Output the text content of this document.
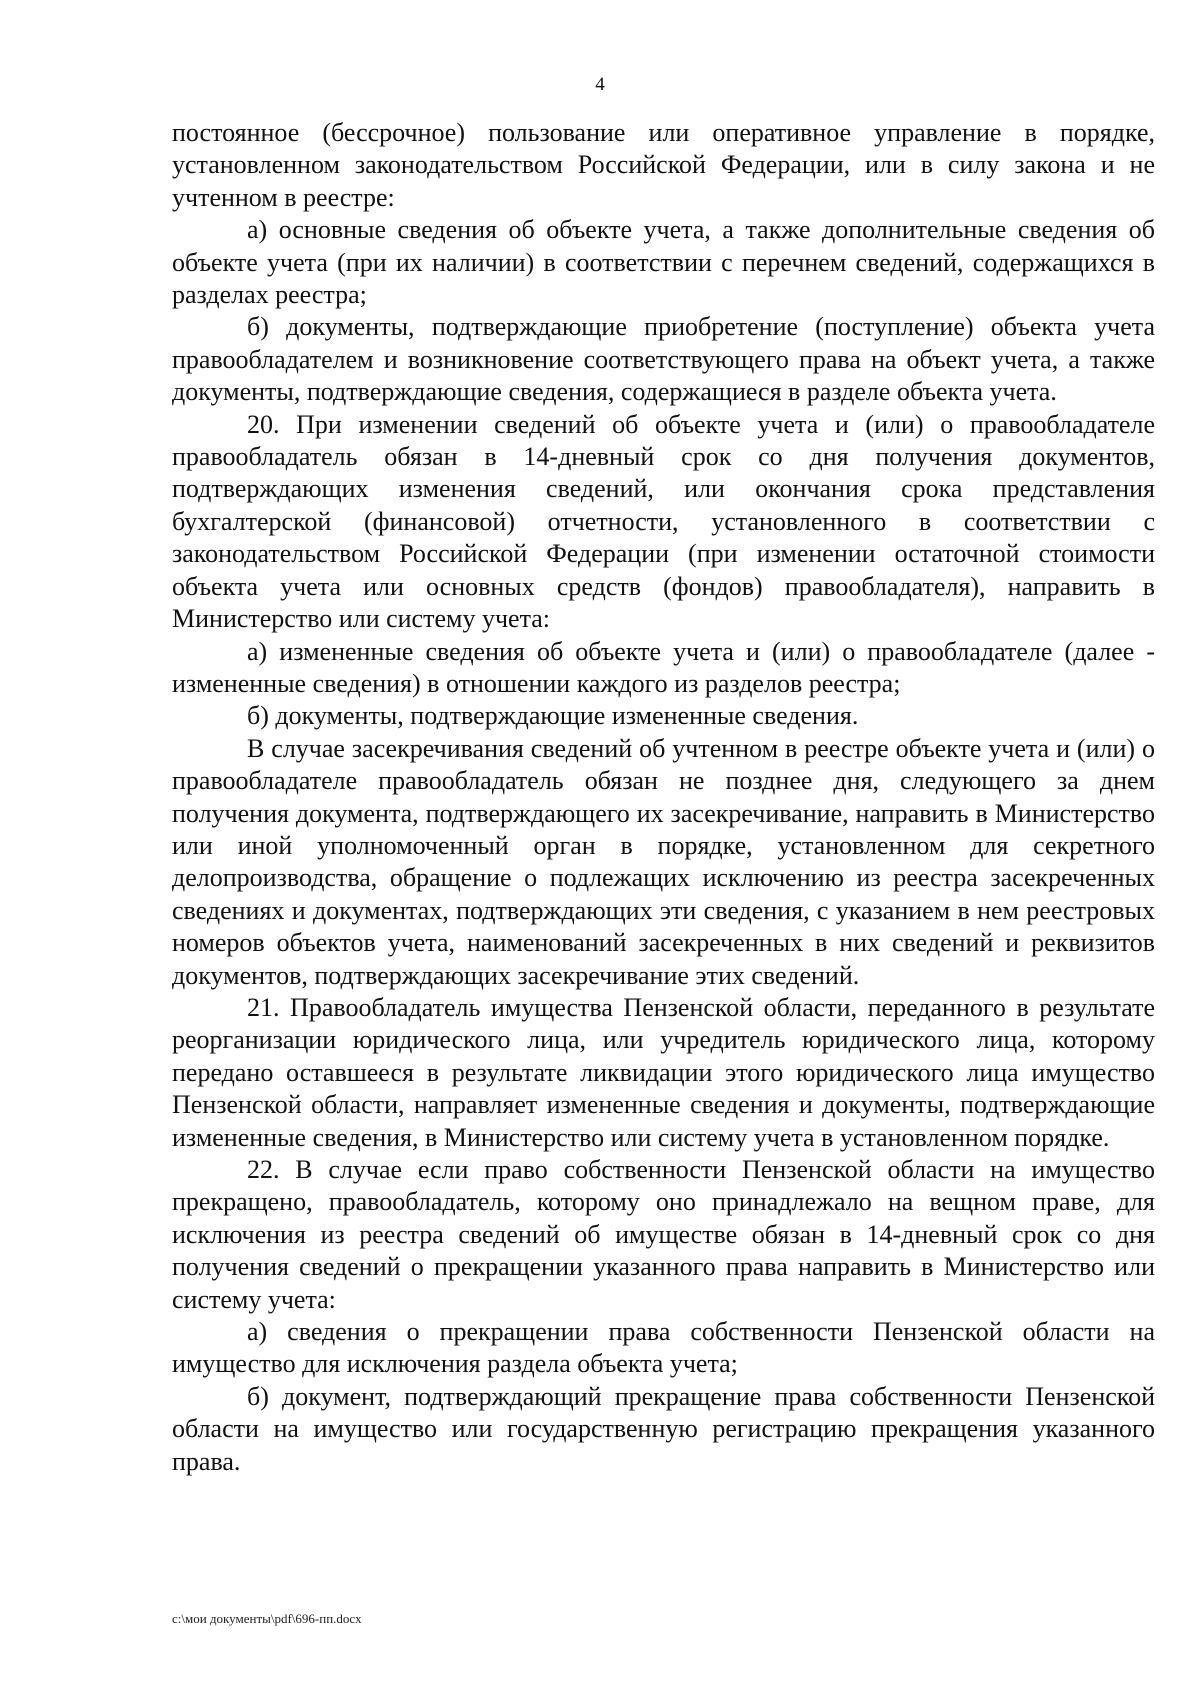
4

постоянное (бессрочное) пользование или оперативное управление в порядке, установленном законодательством Российской Федерации, или в силу закона и не учтенном в реестре:

а) основные сведения об объекте учета, а также дополнительные сведения об объекте учета (при их наличии) в соответствии с перечнем сведений, содержащихся в разделах реестра;

б) документы, подтверждающие приобретение (поступление) объекта учета правообладателем и возникновение соответствующего права на объект учета, а также документы, подтверждающие сведения, содержащиеся в разделе объекта учета.

20. При изменении сведений об объекте учета и (или) о правообладателе правообладатель обязан в 14-дневный срок со дня получения документов, подтверждающих изменения сведений, или окончания срока представления бухгалтерской (финансовой) отчетности, установленного в соответствии с законодательством Российской Федерации (при изменении остаточной стоимости объекта учета или основных средств (фондов) правообладателя), направить в Министерство или систему учета:

а) измененные сведения об объекте учета и (или) о правообладателе (далее - измененные сведения) в отношении каждого из разделов реестра;

б) документы, подтверждающие измененные сведения.

В случае засекречивания сведений об учтенном в реестре объекте учета и (или) о правообладателе правообладатель обязан не позднее дня, следующего за днем получения документа, подтверждающего их засекречивание, направить в Министерство или иной уполномоченный орган в порядке, установленном для секретного делопроизводства, обращение о подлежащих исключению из реестра засекреченных сведениях и документах, подтверждающих эти сведения, с указанием в нем реестровых номеров объектов учета, наименований засекреченных в них сведений и реквизитов документов, подтверждающих засекречивание этих сведений.

21. Правообладатель имущества Пензенской области, переданного в результате реорганизации юридического лица, или учредитель юридического лица, которому передано оставшееся в результате ликвидации этого юридического лица имущество Пензенской области, направляет измененные сведения и документы, подтверждающие измененные сведения, в Министерство или систему учета в установленном порядке.

22. В случае если право собственности Пензенской области на имущество прекращено, правообладатель, которому оно принадлежало на вещном праве, для исключения из реестра сведений об имуществе обязан в 14-дневный срок со дня получения сведений о прекращении указанного права направить в Министерство или систему учета:

а) сведения о прекращении права собственности Пензенской области на имущество для исключения раздела объекта учета;

б) документ, подтверждающий прекращение права собственности Пензенской области на имущество или государственную регистрацию прекращения указанного права.

c:\мои документы\pdf\696-пп.docx
